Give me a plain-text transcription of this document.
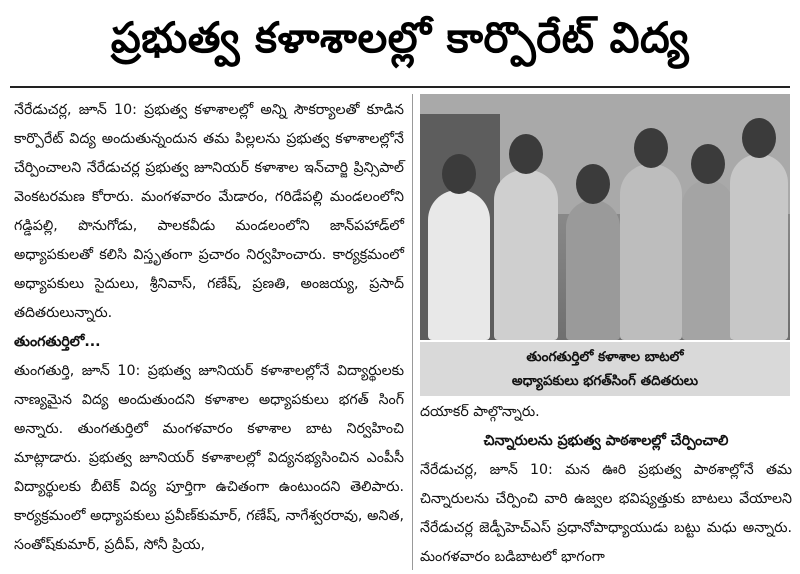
ప్రభుత్వ కళాశాలల్లో కార్పొరేట్ విద్య

నేరేడుచర్ల, జూన్ 10: ప్రభుత్వ కళాశాలల్లో అన్ని సౌకర్యాలతో కూడిన కార్పొరేట్ విద్య అందుతున్నందున తమ పిల్లలను ప్రభుత్వ కళాశాలల్లోనే చేర్పించాలని నేరేడుచర్ల ప్రభుత్వ జూనియర్ కళాశాల ఇన్‌చార్జి ప్రిన్సిపాల్ వెంకటరమణ కోరారు. మంగళవారం మేడారం, గరిడేపల్లి మండలంలోని గడ్డిపల్లి, పొనుగోడు, పాలకవీడు మండలంలోని జాన్‌పహాడ్‌లో అధ్యాపకులతో కలిసి విస్తృతంగా ప్రచారం నిర్వహించారు. కార్యక్రమంలో అధ్యాపకులు సైదులు, శ్రీనివాస్, గణేష్, ప్రణతి, అంజయ్య, ప్రసాద్ తదితరులున్నారు.

తుంగతుర్తిలో...

తుంగతుర్తి, జూన్ 10: ప్రభుత్వ జూనియర్ కళాశాలల్లోనే విద్యార్థులకు నాణ్యమైన విద్య అందుతుందని కళాశాల అధ్యాపకులు భగత్ సింగ్ అన్నారు. తుంగతుర్తిలో మంగళవారం కళాశాల బాట నిర్వహించి మాట్లాడారు. ప్రభుత్వ జూనియర్ కళాశాలల్లో విద్యనభ్యసించిన ఎంపీసీ విద్యార్థులకు బీటెక్ విద్య పూర్తిగా ఉచితంగా ఉంటుందని తెలిపారు. కార్యక్రమంలో అధ్యాపకులు ప్రవీణ్‌కుమార్, గణేష్, నాగేశ్వరరావు, అనిత, సంతోష్‌కుమార్, ప్రదీప్, సోనీ ప్రియ,

తుంగతుర్తిలో కళాశాల బాటలో

అధ్యాపకులు భగత్‌సింగ్ తదితరులు

దయాకర్ పాల్గొన్నారు.

చిన్నారులను ప్రభుత్వ పాఠశాలల్లో చేర్పించాలి

నేరేడుచర్ల, జూన్ 10: మన ఊరి ప్రభుత్వ పాఠశాల్లోనే తమ చిన్నారులను చేర్పించి వారి ఉజ్వల భవిష్యత్తుకు బాటలు వేయాలని నేరేడుచర్ల జెడ్పీహెచ్ఎస్ ప్రధానోపాధ్యాయుడు బట్టు మధు అన్నారు. మంగళవారం బడిబాటలో భాగంగా
